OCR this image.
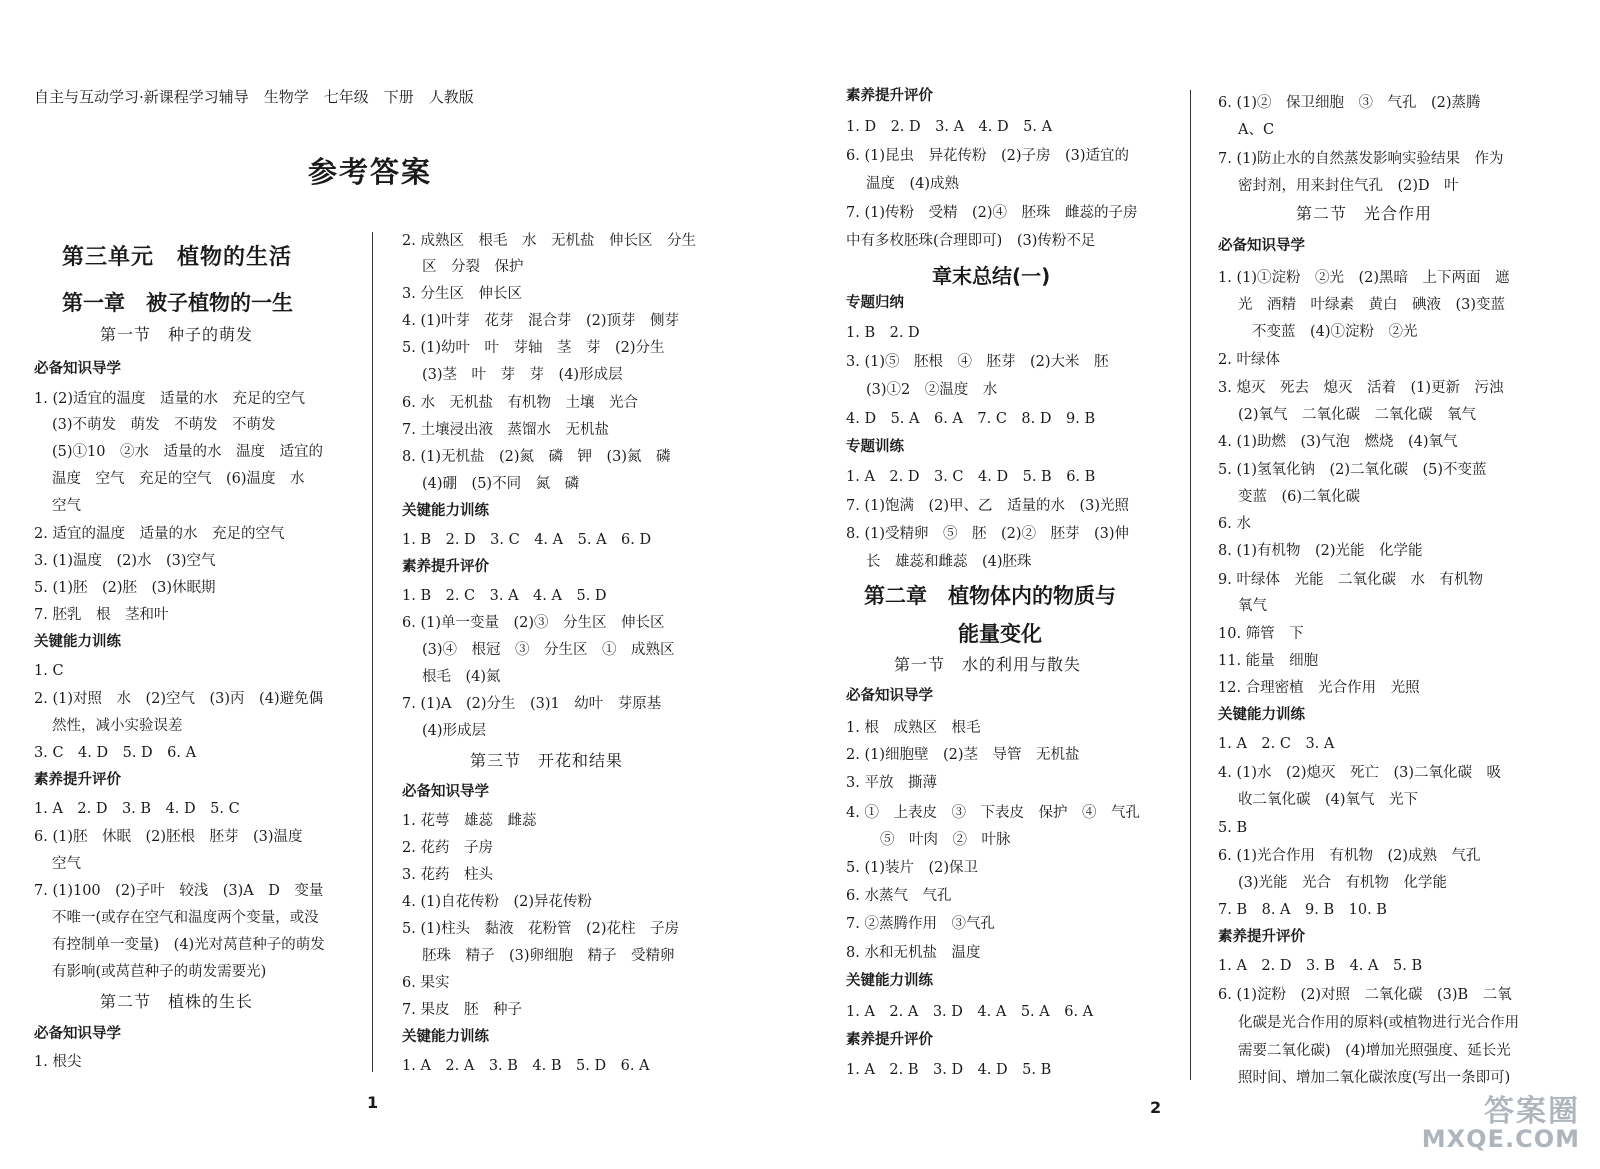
自主与互动学习·新课程学习辅导　生物学　七年级　下册　人教版
参考答案
第三单元　植物的生活
第一章　被子植物的一生
第一节　种子的萌发
必备知识导学
1. (2)适宜的温度　适量的水　充足的空气
(3)不萌发　萌发　不萌发　不萌发
(5)①10　②水　适量的水　温度　适宜的
温度　空气　充足的空气　(6)温度　水
空气
2. 适宜的温度　适量的水　充足的空气
3. (1)温度　(2)水　(3)空气
5. (1)胚　(2)胚　(3)休眠期
7. 胚乳　根　茎和叶
关键能力训练
1. C
2. (1)对照　水　(2)空气　(3)丙　(4)避免偶
然性，减小实验误差
3. C　4. D　5. D　6. A
素养提升评价
1. A　2. D　3. B　4. D　5. C
6. (1)胚　休眠　(2)胚根　胚芽　(3)温度
空气
7. (1)100　(2)子叶　较浅　(3)A　D　变量
不唯一(或存在空气和温度两个变量，或没
有控制单一变量)　(4)光对莴苣种子的萌发
有影响(或莴苣种子的萌发需要光)
第二节　植株的生长
必备知识导学
1. 根尖
2. 成熟区　根毛　水　无机盐　伸长区　分生
区　分裂　保护
3. 分生区　伸长区
4. (1)叶芽　花芽　混合芽　(2)顶芽　侧芽
5. (1)幼叶　叶　芽轴　茎　芽　(2)分生
(3)茎　叶　芽　芽　(4)形成层
6. 水　无机盐　有机物　土壤　光合
7. 土壤浸出液　蒸馏水　无机盐
8. (1)无机盐　(2)氮　磷　钾　(3)氮　磷
(4)硼　(5)不同　氮　磷
关键能力训练
1. B　2. D　3. C　4. A　5. A　6. D
素养提升评价
1. B　2. C　3. A　4. A　5. D
6. (1)单一变量　(2)③　分生区　伸长区
(3)④　根冠　③　分生区　①　成熟区
根毛　(4)氮
7. (1)A　(2)分生　(3)1　幼叶　芽原基
(4)形成层
第三节　开花和结果
必备知识导学
1. 花萼　雄蕊　雌蕊
2. 花药　子房
3. 花药　柱头
4. (1)自花传粉　(2)异花传粉
5. (1)柱头　黏液　花粉管　(2)花柱　子房
胚珠　精子　(3)卵细胞　精子　受精卵
6. 果实
7. 果皮　胚　种子
关键能力训练
1. A　2. A　3. B　4. B　5. D　6. A
1
素养提升评价
1. D　2. D　3. A　4. D　5. A
6. (1)昆虫　异花传粉　(2)子房　(3)适宜的
温度　(4)成熟
7. (1)传粉　受精　(2)④　胚珠　雌蕊的子房
中有多枚胚珠(合理即可)　(3)传粉不足
章末总结(一)
专题归纳
1. B　2. D
3. (1)⑤　胚根　④　胚芽　(2)大米　胚
(3)①2　②温度　水
4. D　5. A　6. A　7. C　8. D　9. B
专题训练
1. A　2. D　3. C　4. D　5. B　6. B
7. (1)饱满　(2)甲、乙　适量的水　(3)光照
8. (1)受精卵　⑤　胚　(2)②　胚芽　(3)伸
长　雄蕊和雌蕊　(4)胚珠
第二章　植物体内的物质与
能量变化
第一节　水的利用与散失
必备知识导学
1. 根　成熟区　根毛
2. (1)细胞壁　(2)茎　导管　无机盐
3. 平放　撕薄
4. ①　上表皮　③　下表皮　保护　④　气孔
⑤　叶肉　②　叶脉
5. (1)装片　(2)保卫
6. 水蒸气　气孔
7. ②蒸腾作用　③气孔
8. 水和无机盐　温度
关键能力训练
1. A　2. A　3. D　4. A　5. A　6. A
素养提升评价
1. A　2. B　3. D　4. D　5. B
6. (1)②　保卫细胞　③　气孔　(2)蒸腾
A、C
7. (1)防止水的自然蒸发影响实验结果　作为
密封剂，用来封住气孔　(2)D　叶
第二节　光合作用
必备知识导学
1. (1)①淀粉　②光　(2)黑暗　上下两面　遮
光　酒精　叶绿素　黄白　碘液　(3)变蓝
不变蓝　(4)①淀粉　②光
2. 叶绿体
3. 熄灭　死去　熄灭　活着　(1)更新　污浊
(2)氧气　二氧化碳　二氧化碳　氧气
4. (1)助燃　(3)气泡　燃烧　(4)氧气
5. (1)氢氧化钠　(2)二氧化碳　(5)不变蓝
变蓝　(6)二氧化碳
6. 水
8. (1)有机物　(2)光能　化学能
9. 叶绿体　光能　二氧化碳　水　有机物
氧气
10. 筛管　下
11. 能量　细胞
12. 合理密植　光合作用　光照
关键能力训练
1. A　2. C　3. A
4. (1)水　(2)熄灭　死亡　(3)二氧化碳　吸
收二氧化碳　(4)氧气　光下
5. B
6. (1)光合作用　有机物　(2)成熟　气孔
(3)光能　光合　有机物　化学能
7. B　8. A　9. B　10. B
素养提升评价
1. A　2. D　3. B　4. A　5. B
6. (1)淀粉　(2)对照　二氧化碳　(3)B　二氧
化碳是光合作用的原料(或植物进行光合作用
需要二氧化碳)　(4)增加光照强度、延长光
照时间、增加二氧化碳浓度(写出一条即可)
2	答案圈
MXQE.COM
